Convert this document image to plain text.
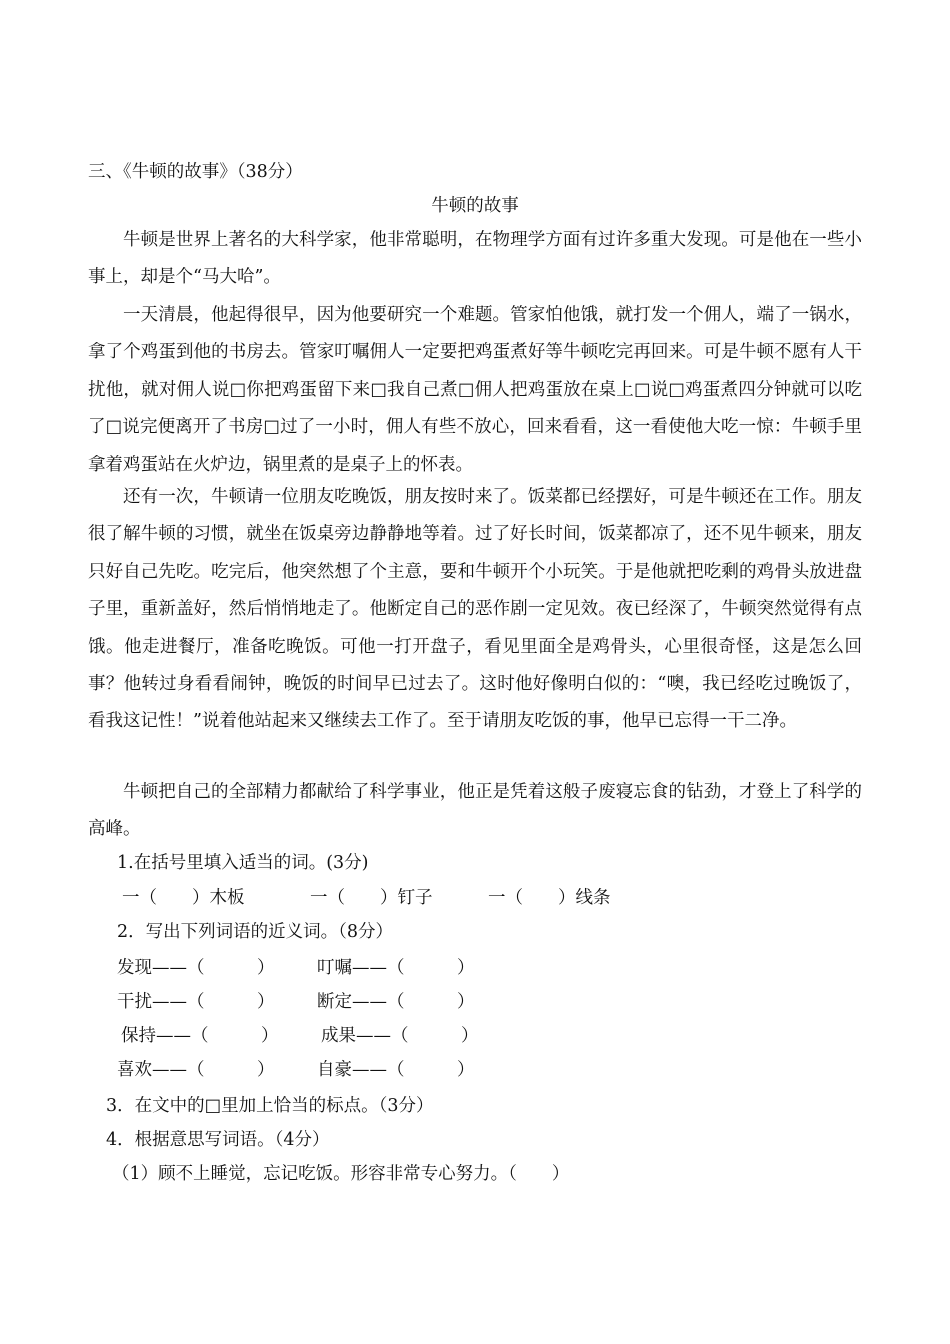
三、《牛顿的故事》（38分）
牛顿的故事

牛顿是世界上著名的大科学家，他非常聪明，在物理学方面有过许多重大发现。可是他在一些小事上，却是个“马大哈”。

一天清晨，他起得很早，因为他要研究一个难题。管家怕他饿，就打发一个佣人，端了一锅水，拿了个鸡蛋到他的书房去。管家叮嘱佣人一定要把鸡蛋煮好等牛顿吃完再回来。可是牛顿不愿有人干扰他，就对佣人说□你把鸡蛋留下来□我自己煮□佣人把鸡蛋放在桌上□说□鸡蛋煮四分钟就可以吃了□说完便离开了书房□过了一小时，佣人有些不放心，回来看看，这一看使他大吃一惊：牛顿手里拿着鸡蛋站在火炉边，锅里煮的是桌子上的怀表。

还有一次，牛顿请一位朋友吃晚饭，朋友按时来了。饭菜都已经摆好，可是牛顿还在工作。朋友很了解牛顿的习惯，就坐在饭桌旁边静静地等着。过了好长时间，饭菜都凉了，还不见牛顿来，朋友只好自己先吃。吃完后，他突然想了个主意，要和牛顿开个小玩笑。于是他就把吃剩的鸡骨头放进盘子里，重新盖好，然后悄悄地走了。他断定自己的恶作剧一定见效。夜已经深了，牛顿突然觉得有点饿。他走进餐厅，准备吃晚饭。可他一打开盘子，看见里面全是鸡骨头，心里很奇怪，这是怎么回事？他转过身看看闹钟，晚饭的时间早已过去了。这时他好像明白似的：“噢，我已经吃过晚饭了，看我这记性！”说着他站起来又继续去工作了。至于请朋友吃饭的事，他早已忘得一干二净。

牛顿把自己的全部精力都献给了科学事业，他正是凭着这般子废寝忘食的钻劲，才登上了科学的高峰。

1.在括号里填入适当的词。(3分)
一（　　）木板	一（　　）钉子	一（　　）线条
2．写出下列词语的近义词。（8分）
发现——（　　　） 叮嘱——（　　　）
干扰——（　　　） 断定——（　　　）
保持——（　　　） 成果——（　　　）
喜欢——（　　　） 自豪——（　　　）
3．在文中的□里加上恰当的标点。（3分）
4．根据意思写词语。（4分）
（1）顾不上睡觉，忘记吃饭。形容非常专心努力。（　　）
